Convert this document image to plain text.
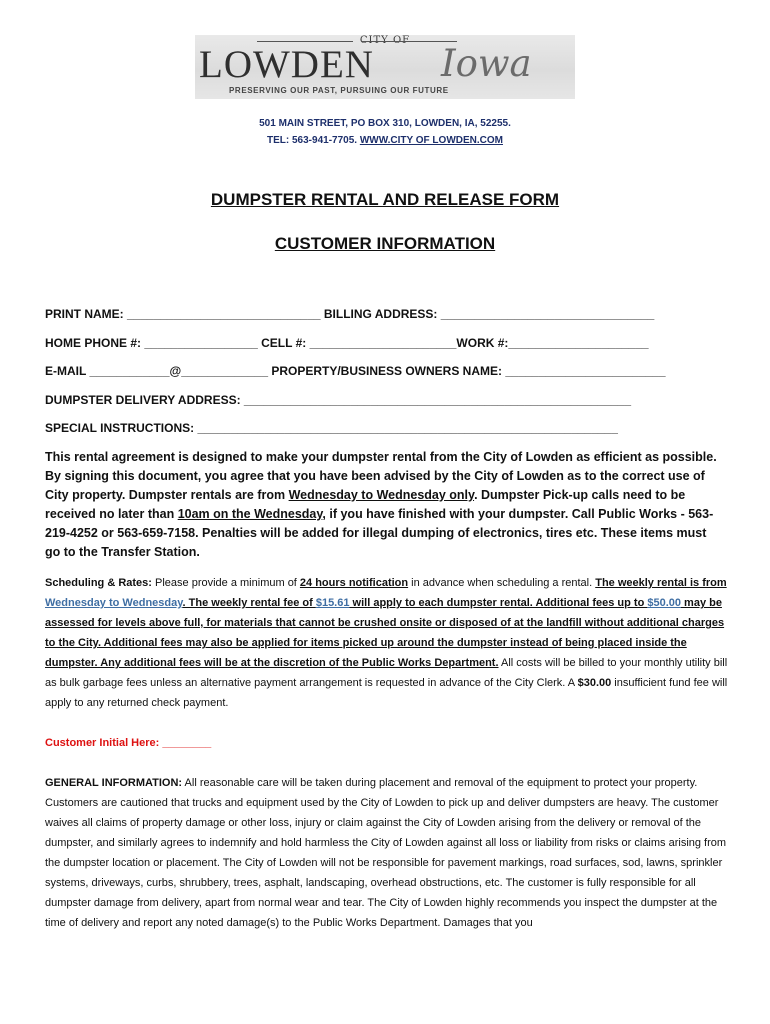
LOWDEN Iowa
PRESERVING OUR PAST, PURSUING OUR FUTURE
501 MAIN STREET, PO BOX 310, LOWDEN, IA, 52255.
TEL: 563-941-7705. WWW.CITY OF LOWDEN.COM
DUMPSTER RENTAL AND RELEASE FORM
CUSTOMER INFORMATION
PRINT NAME: _____________________________ BILLING ADDRESS: ________________________________
HOME PHONE #: _________________ CELL #: ______________________WORK #:_____________________
E-MAIL ____________@_____________ PROPERTY/BUSINESS OWNERS NAME: ________________________
DUMPSTER DELIVERY ADDRESS: __________________________________________________________
SPECIAL INSTRUCTIONS: _______________________________________________________________
This rental agreement is designed to make your dumpster rental from the City of Lowden as efficient as possible. By signing this document, you agree that you have been advised by the City of Lowden as to the correct use of City property. Dumpster rentals are from Wednesday to Wednesday only. Dumpster Pick-up calls need to be received no later than 10am on the Wednesday, if you have finished with your dumpster. Call Public Works - 563-219-4252 or 563-659-7158. Penalties will be added for illegal dumping of electronics, tires etc. These items must go to the Transfer Station.
Scheduling & Rates: Please provide a minimum of 24 hours notification in advance when scheduling a rental. The weekly rental is from Wednesday to Wednesday. The weekly rental fee of $15.61 will apply to each dumpster rental. Additional fees up to $50.00 may be assessed for levels above full, for materials that cannot be crushed onsite or disposed of at the landfill without additional charges to the City. Additional fees may also be applied for items picked up around the dumpster instead of being placed inside the dumpster. Any additional fees will be at the discretion of the Public Works Department. All costs will be billed to your monthly utility bill as bulk garbage fees unless an alternative payment arrangement is requested in advance of the City Clerk. A $30.00 insufficient fund fee will apply to any returned check payment.
Customer Initial Here: ________
GENERAL INFORMATION: All reasonable care will be taken during placement and removal of the equipment to protect your property. Customers are cautioned that trucks and equipment used by the City of Lowden to pick up and deliver dumpsters are heavy. The customer waives all claims of property damage or other loss, injury or claim against the City of Lowden arising from the delivery or removal of the dumpster, and similarly agrees to indemnify and hold harmless the City of Lowden against all loss or liability from risks or claims arising from the dumpster location or placement. The City of Lowden will not be responsible for pavement markings, road surfaces, sod, lawns, sprinkler systems, driveways, curbs, shrubbery, trees, asphalt, landscaping, overhead obstructions, etc. The customer is fully responsible for all dumpster damage from delivery, apart from normal wear and tear. The City of Lowden highly recommends you inspect the dumpster at the time of delivery and report any noted damage(s) to the Public Works Department. Damages that you
